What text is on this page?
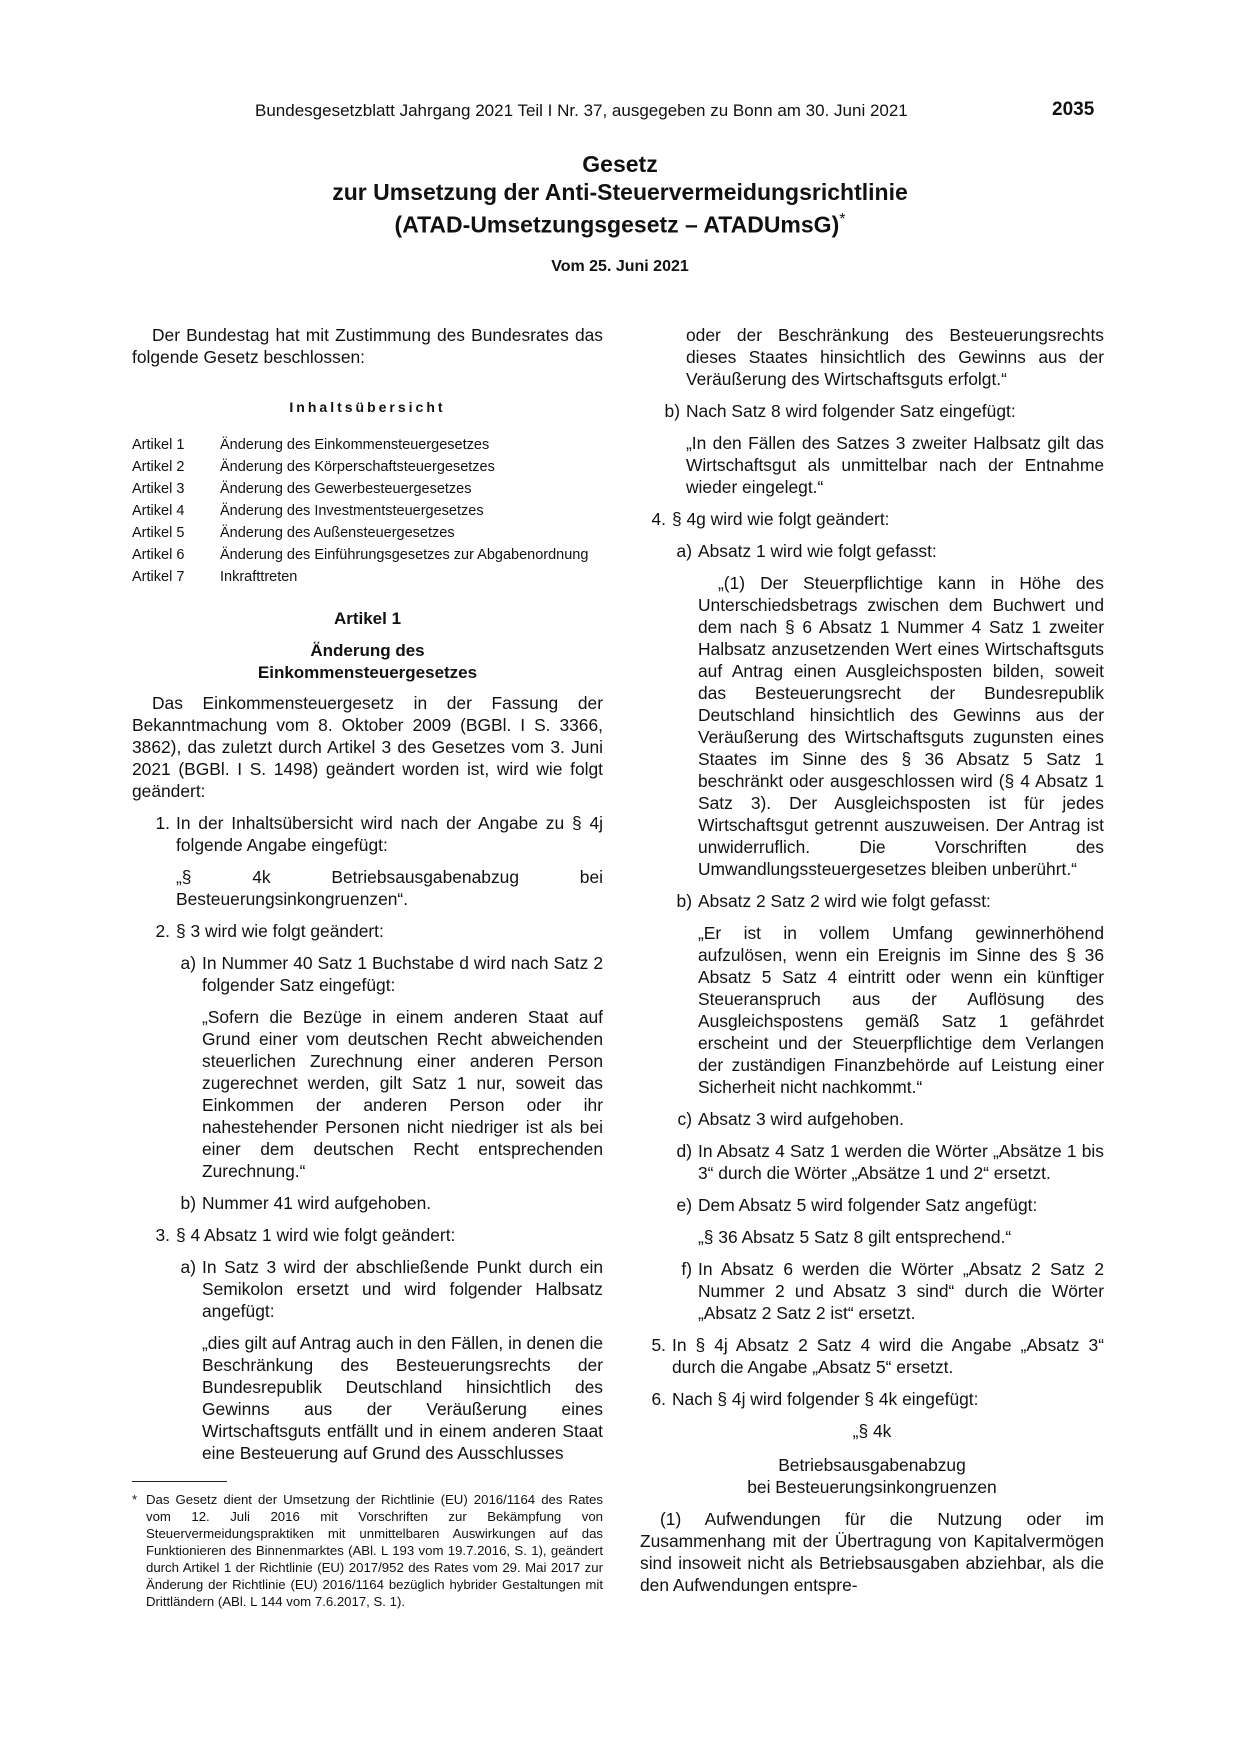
Bundesgesetzblatt Jahrgang 2021 Teil I Nr. 37, ausgegeben zu Bonn am 30. Juni 2021	2035
Gesetz
zur Umsetzung der Anti-Steuervermeidungsrichtlinie
(ATAD-Umsetzungsgesetz – ATADUmsG)*
Vom 25. Juni 2021

Der Bundestag hat mit Zustimmung des Bundesrates das folgende Gesetz beschlossen:

Inhaltsübersicht
Artikel 1	Änderung des Einkommensteuergesetzes
Artikel 2	Änderung des Körperschaftsteuergesetzes
Artikel 3	Änderung des Gewerbesteuergesetzes
Artikel 4	Änderung des Investmentsteuergesetzes
Artikel 5	Änderung des Außensteuergesetzes
Artikel 6	Änderung des Einführungsgesetzes zur Abgabenordnung
Artikel 7	Inkrafttreten
Artikel 1
Änderung des
Einkommensteuergesetzes

Das Einkommensteuergesetz in der Fassung der Bekanntmachung vom 8. Oktober 2009 (BGBl. I S. 3366, 3862), das zuletzt durch Artikel 3 des Gesetzes vom 3. Juni 2021 (BGBl. I S. 1498) geändert worden ist, wird wie folgt geändert:

1. In der Inhaltsübersicht wird nach der Angabe zu § 4j folgende Angabe eingefügt:
„§ 4k Betriebsausgabenabzug bei Besteuerungsinkongruenzen“.
2. § 3 wird wie folgt geändert:
a) In Nummer 40 Satz 1 Buchstabe d wird nach Satz 2 folgender Satz eingefügt:
„Sofern die Bezüge in einem anderen Staat auf Grund einer vom deutschen Recht abweichenden steuerlichen Zurechnung einer anderen Person zugerechnet werden, gilt Satz 1 nur, soweit das Einkommen der anderen Person oder ihr nahestehender Personen nicht niedriger ist als bei einer dem deutschen Recht entsprechenden Zurechnung.“
b) Nummer 41 wird aufgehoben.
3. § 4 Absatz 1 wird wie folgt geändert:
a) In Satz 3 wird der abschließende Punkt durch ein Semikolon ersetzt und wird folgender Halbsatz angefügt:
„dies gilt auf Antrag auch in den Fällen, in denen die Beschränkung des Besteuerungsrechts der Bundesrepublik Deutschland hinsichtlich des Gewinns aus der Veräußerung eines Wirtschaftsguts entfällt und in einem anderen Staat eine Besteuerung auf Grund des Ausschlusses
oder der Beschränkung des Besteuerungsrechts dieses Staates hinsichtlich des Gewinns aus der Veräußerung des Wirtschaftsguts erfolgt.“
b) Nach Satz 8 wird folgender Satz eingefügt:
„In den Fällen des Satzes 3 zweiter Halbsatz gilt das Wirtschaftsgut als unmittelbar nach der Entnahme wieder eingelegt.“
4. § 4g wird wie folgt geändert:
a) Absatz 1 wird wie folgt gefasst:
„(1) Der Steuerpflichtige kann in Höhe des Unterschiedsbetrags zwischen dem Buchwert und dem nach § 6 Absatz 1 Nummer 4 Satz 1 zweiter Halbsatz anzusetzenden Wert eines Wirtschaftsguts auf Antrag einen Ausgleichsposten bilden, soweit das Besteuerungsrecht der Bundesrepublik Deutschland hinsichtlich des Gewinns aus der Veräußerung des Wirtschaftsguts zugunsten eines Staates im Sinne des § 36 Absatz 5 Satz 1 beschränkt oder ausgeschlossen wird (§ 4 Absatz 1 Satz 3). Der Ausgleichsposten ist für jedes Wirtschaftsgut getrennt auszuweisen. Der Antrag ist unwiderruflich. Die Vorschriften des Umwandlungssteuergesetzes bleiben unberührt.“
b) Absatz 2 Satz 2 wird wie folgt gefasst:
„Er ist in vollem Umfang gewinnerhöhend aufzulösen, wenn ein Ereignis im Sinne des § 36 Absatz 5 Satz 4 eintritt oder wenn ein künftiger Steueranspruch aus der Auflösung des Ausgleichspostens gemäß Satz 1 gefährdet erscheint und der Steuerpflichtige dem Verlangen der zuständigen Finanzbehörde auf Leistung einer Sicherheit nicht nachkommt.“
c) Absatz 3 wird aufgehoben.
d) In Absatz 4 Satz 1 werden die Wörter „Absätze 1 bis 3“ durch die Wörter „Absätze 1 und 2“ ersetzt.
e) Dem Absatz 5 wird folgender Satz angefügt:
„§ 36 Absatz 5 Satz 8 gilt entsprechend.“
f) In Absatz 6 werden die Wörter „Absatz 2 Satz 2 Nummer 2 und Absatz 3 sind“ durch die Wörter „Absatz 2 Satz 2 ist“ ersetzt.
5. In § 4j Absatz 2 Satz 4 wird die Angabe „Absatz 3“ durch die Angabe „Absatz 5“ ersetzt.
6. Nach § 4j wird folgender § 4k eingefügt:
„§ 4k
Betriebsausgabenabzug
bei Besteuerungsinkongruenzen

(1) Aufwendungen für die Nutzung oder im Zusammenhang mit der Übertragung von Kapitalvermögen sind insoweit nicht als Betriebsausgaben abziehbar, als die den Aufwendungen entspre-

* Das Gesetz dient der Umsetzung der Richtlinie (EU) 2016/1164 des Rates vom 12. Juli 2016 mit Vorschriften zur Bekämpfung von Steuervermeidungspraktiken mit unmittelbaren Auswirkungen auf das Funktionieren des Binnenmarktes (ABl. L 193 vom 19.7.2016, S. 1), geändert durch Artikel 1 der Richtlinie (EU) 2017/952 des Rates vom 29. Mai 2017 zur Änderung der Richtlinie (EU) 2016/1164 bezüglich hybrider Gestaltungen mit Drittländern (ABl. L 144 vom 7.6.2017, S. 1).
